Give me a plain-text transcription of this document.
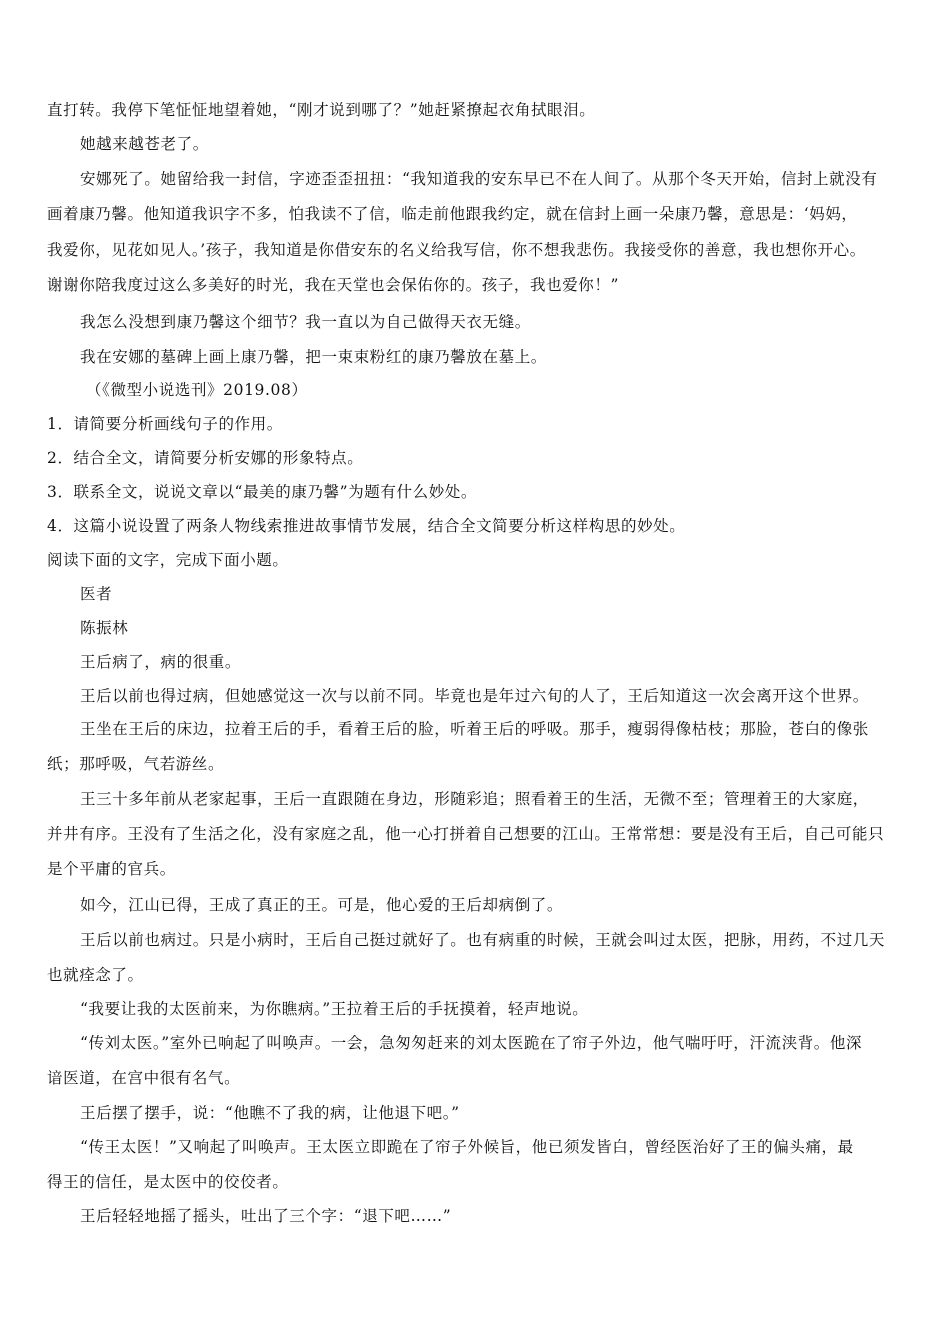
直打转。我停下笔怔怔地望着她，“刚才说到哪了？”她赶紧撩起衣角拭眼泪。
她越来越苍老了。
安娜死了。她留给我一封信，字迹歪歪扭扭：“我知道我的安东早已不在人间了。从那个冬天开始，信封上就没有
画着康乃馨。他知道我识字不多，怕我读不了信，临走前他跟我约定，就在信封上画一朵康乃馨，意思是：‘妈妈，
我爱你，见花如见人。’孩子，我知道是你借安东的名义给我写信，你不想我悲伤。我接受你的善意，我也想你开心。
谢谢你陪我度过这么多美好的时光，我在天堂也会保佑你的。孩子，我也爱你！”
我怎么没想到康乃馨这个细节？我一直以为自己做得天衣无缝。
我在安娜的墓碑上画上康乃馨，把一束束粉红的康乃馨放在墓上。
（《微型小说选刊》2019.08）
1．请简要分析画线句子的作用。
2．结合全文，请简要分析安娜的形象特点。
3．联系全文，说说文章以“最美的康乃馨”为题有什么妙处。
4．这篇小说设置了两条人物线索推进故事情节发展，结合全文简要分析这样构思的妙处。
阅读下面的文字，完成下面小题。
医者
陈振林
王后病了，病的很重。
王后以前也得过病，但她感觉这一次与以前不同。毕竟也是年过六旬的人了，王后知道这一次会离开这个世界。
王坐在王后的床边，拉着王后的手，看着王后的脸，听着王后的呼吸。那手，瘦弱得像枯枝；那脸，苍白的像张
纸；那呼吸，气若游丝。
王三十多年前从老家起事，王后一直跟随在身边，形随彩追；照看着王的生活，无微不至；管理着王的大家庭，
并井有序。王没有了生活之化，没有家庭之乱，他一心打拼着自己想要的江山。王常常想：要是没有王后，自己可能只
是个平庸的官兵。
如今，江山已得，王成了真正的王。可是，他心爱的王后却病倒了。
王后以前也病过。只是小病时，王后自己挺过就好了。也有病重的时候，王就会叫过太医，把脉，用药，不过几天
也就痊念了。
“我要让我的太医前来，为你瞧病。”王拉着王后的手抚摸着，轻声地说。
“传刘太医。”室外已响起了叫唤声。一会，急匆匆赶来的刘太医跪在了帘子外边，他气喘吁吁，汗流浃背。他深
谙医道，在宫中很有名气。
王后摆了摆手，说：“他瞧不了我的病，让他退下吧。”
“传王太医！”又响起了叫唤声。王太医立即跪在了帘子外候旨，他已须发皆白，曾经医治好了王的偏头痛，最
得王的信任，是太医中的佼佼者。
王后轻轻地摇了摇头，吐出了三个字：“退下吧……”
